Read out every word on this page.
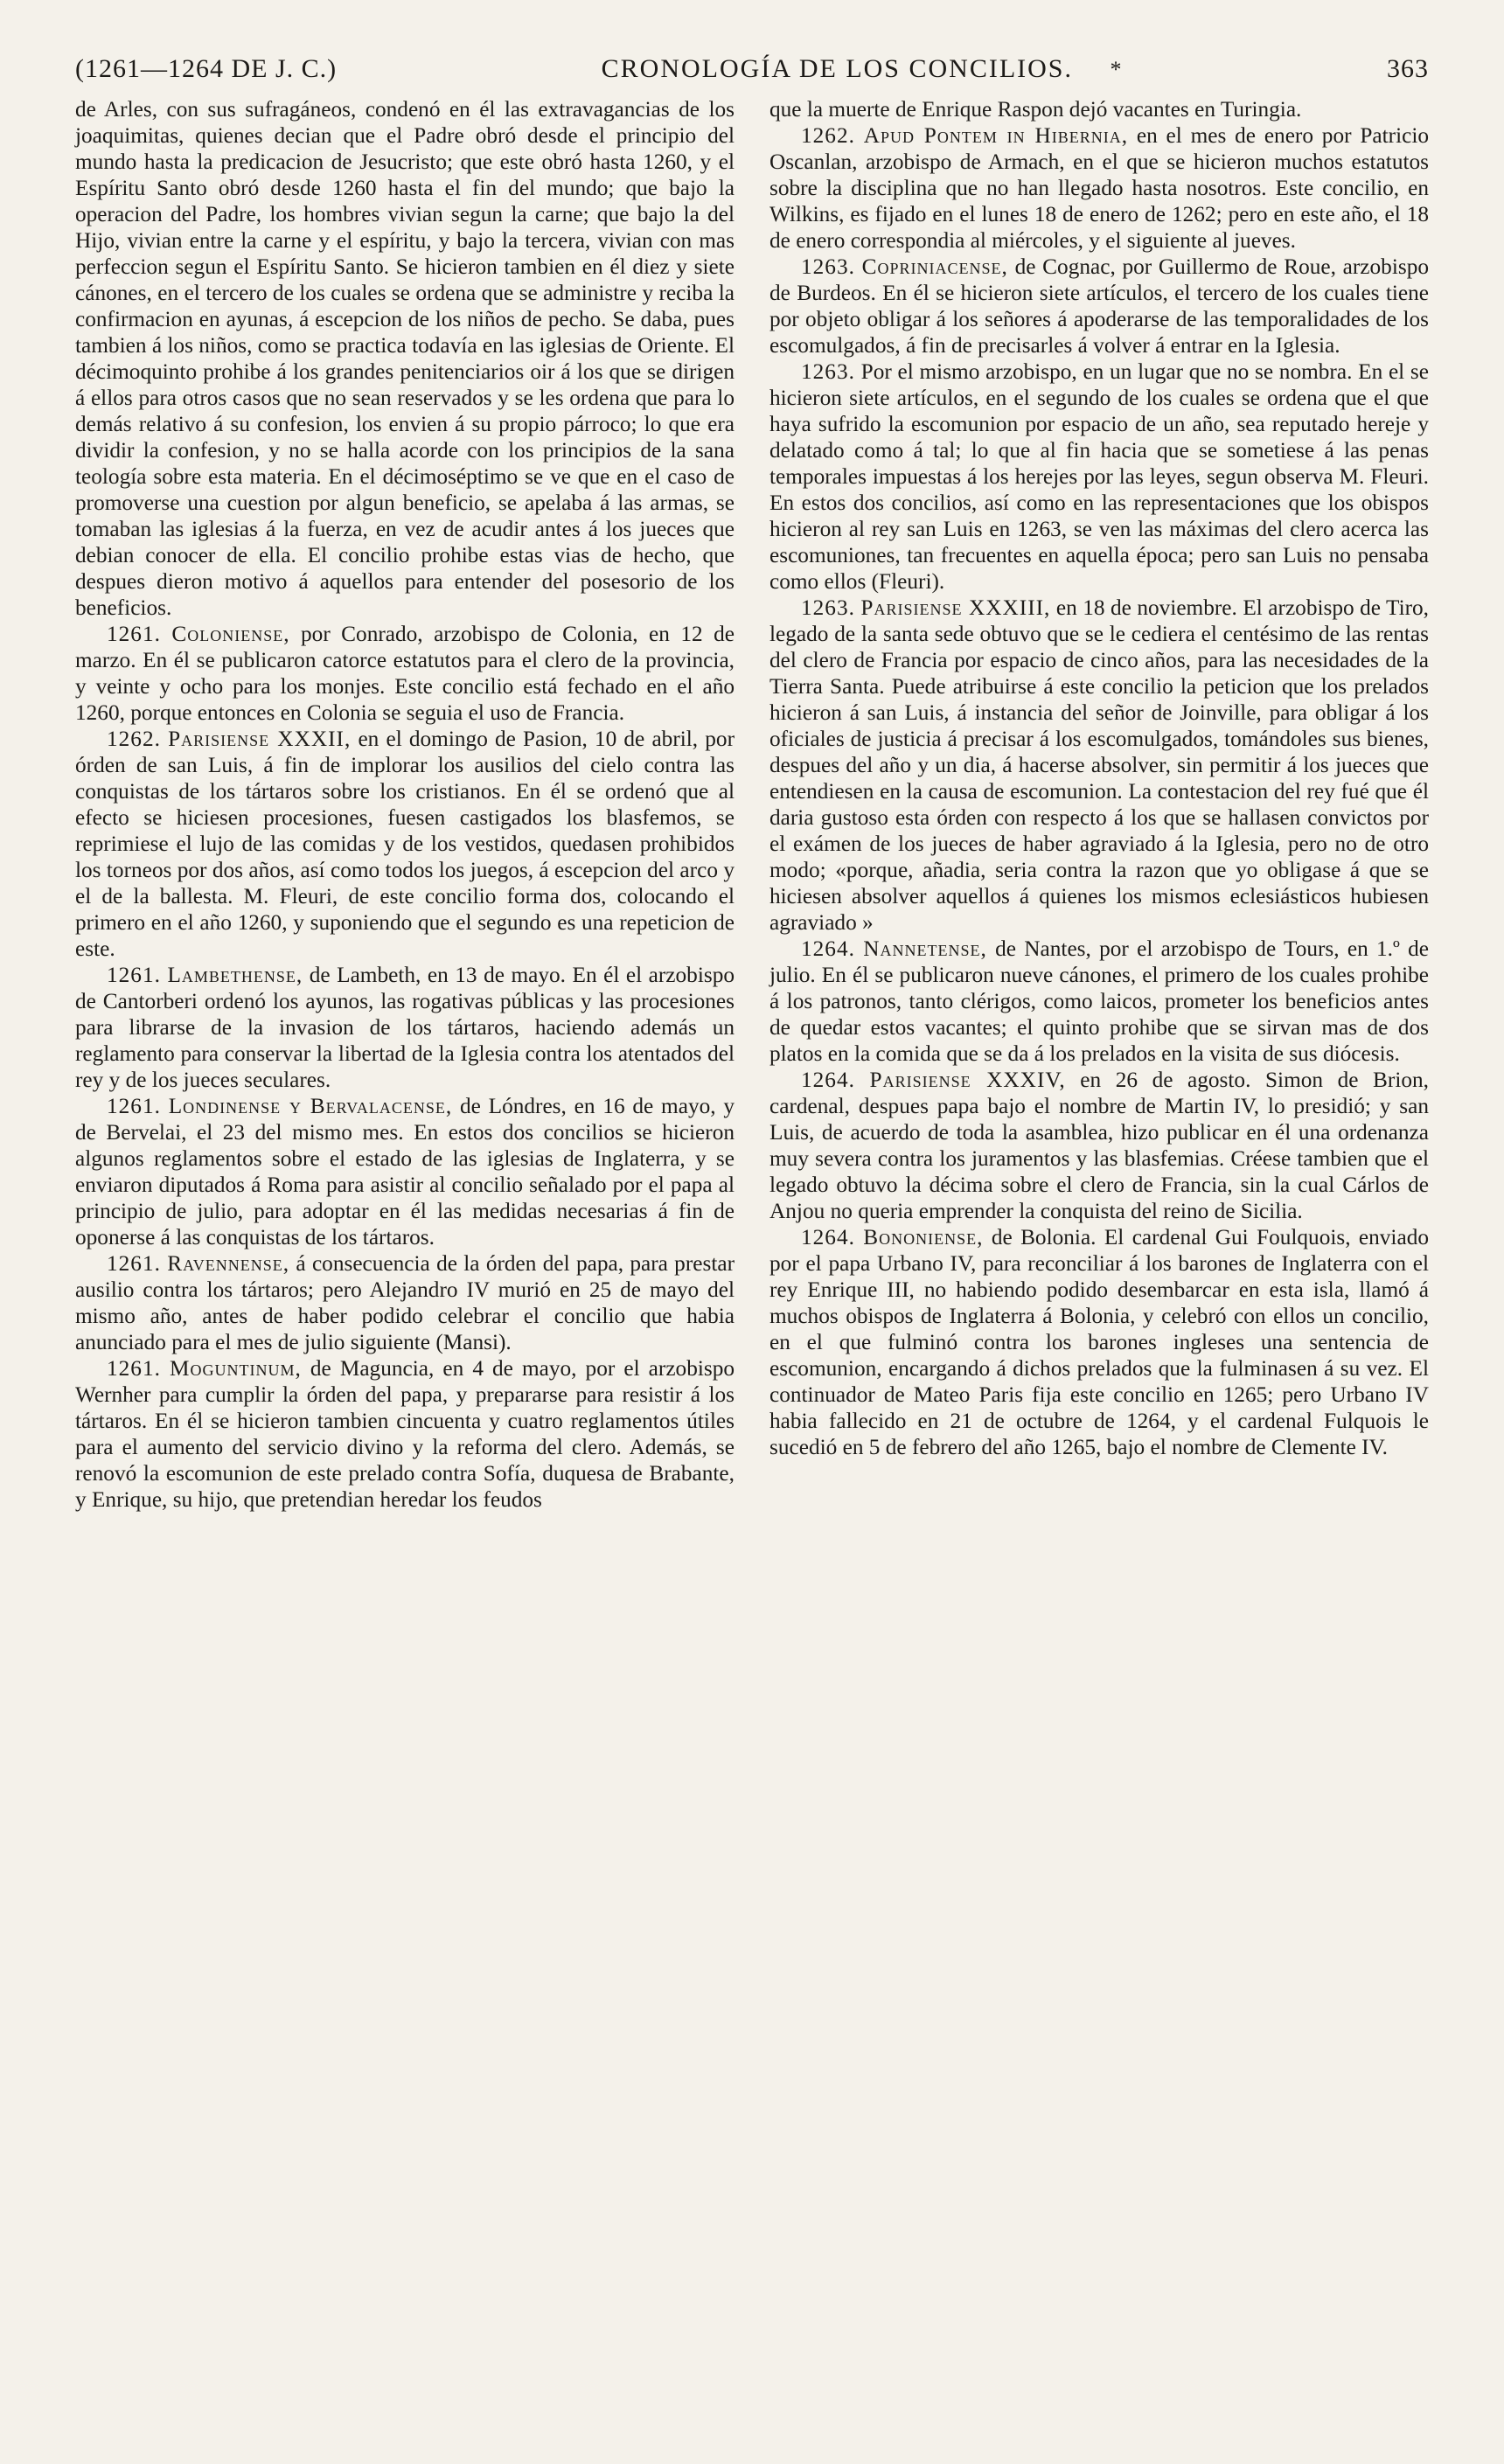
(1261—1264 DE J. C.)	CRONOLOGÍA DE LOS CONCILIOS. *	363

de Arles, con sus sufragáneos, condenó en él las extravagancias de los joaquimitas, quienes decian que el Padre obró desde el principio del mundo hasta la predicacion de Jesucristo; que este obró hasta 1260, y el Espíritu Santo obró desde 1260 hasta el fin del mundo; que bajo la operacion del Padre, los hombres vivian segun la carne; que bajo la del Hijo, vivian entre la carne y el espíritu, y bajo la tercera, vivian con mas perfeccion segun el Espíritu Santo. Se hicieron tambien en él diez y siete cánones, en el tercero de los cuales se ordena que se administre y reciba la confirmacion en ayunas, á escepcion de los niños de pecho. Se daba, pues tambien á los niños, como se practica todavía en las iglesias de Oriente. El décimoquinto prohibe á los grandes penitenciarios oir á los que se dirigen á ellos para otros casos que no sean reservados y se les ordena que para lo demás relativo á su confesion, los envien á su propio párroco; lo que era dividir la confesion, y no se halla acorde con los principios de la sana teología sobre esta materia. En el décimoséptimo se ve que en el caso de promoverse una cuestion por algun beneficio, se apelaba á las armas, se tomaban las iglesias á la fuerza, en vez de acudir antes á los jueces que debian conocer de ella. El concilio prohibe estas vias de hecho, que despues dieron motivo á aquellos para entender del posesorio de los beneficios.

1261. Coloniense, por Conrado, arzobispo de Colonia, en 12 de marzo. En él se publicaron catorce estatutos para el clero de la provincia, y veinte y ocho para los monjes. Este concilio está fechado en el año 1260, porque entonces en Colonia se seguia el uso de Francia.

1262. Parisiense XXXII, en el domingo de Pasion, 10 de abril, por órden de san Luis, á fin de implorar los ausilios del cielo contra las conquistas de los tártaros sobre los cristianos. En él se ordenó que al efecto se hiciesen procesiones, fuesen castigados los blasfemos, se reprimiese el lujo de las comidas y de los vestidos, quedasen prohibidos los torneos por dos años, así como todos los juegos, á escepcion del arco y el de la ballesta. M. Fleuri, de este concilio forma dos, colocando el primero en el año 1260, y suponiendo que el segundo es una repeticion de este.

1261. Lambethense, de Lambeth, en 13 de mayo. En él el arzobispo de Cantorberi ordenó los ayunos, las rogativas públicas y las procesiones para librarse de la invasion de los tártaros, haciendo además un reglamento para conservar la libertad de la Iglesia contra los atentados del rey y de los jueces seculares.

1261. Londinense y Bervalacense, de Lóndres, en 16 de mayo, y de Bervelai, el 23 del mismo mes. En estos dos concilios se hicieron algunos reglamentos sobre el estado de las iglesias de Inglaterra, y se enviaron diputados á Roma para asistir al concilio señalado por el papa al principio de julio, para adoptar en él las medidas necesarias á fin de oponerse á las conquistas de los tártaros.

1261. Ravennense, á consecuencia de la órden del papa, para prestar ausilio contra los tártaros; pero Alejandro IV murió en 25 de mayo del mismo año, antes de haber podido celebrar el concilio que habia anunciado para el mes de julio siguiente (Mansi).

1261. Moguntinum, de Maguncia, en 4 de mayo, por el arzobispo Wernher para cumplir la órden del papa, y prepararse para resistir á los tártaros. En él se hicieron tambien cincuenta y cuatro reglamentos útiles para el aumento del servicio divino y la reforma del clero. Además, se renovó la escomunion de este prelado contra Sofía, duquesa de Brabante, y Enrique, su hijo, que pretendian heredar los feudos

que la muerte de Enrique Raspon dejó vacantes en Turingia.

1262. Apud Pontem in Hibernia, en el mes de enero por Patricio Oscanlan, arzobispo de Armach, en el que se hicieron muchos estatutos sobre la disciplina que no han llegado hasta nosotros. Este concilio, en Wilkins, es fijado en el lunes 18 de enero de 1262; pero en este año, el 18 de enero correspondia al miércoles, y el siguiente al jueves.

1263. Copriniacense, de Cognac, por Guillermo de Roue, arzobispo de Burdeos. En él se hicieron siete artículos, el tercero de los cuales tiene por objeto obligar á los señores á apoderarse de las temporalidades de los escomulgados, á fin de precisarles á volver á entrar en la Iglesia.

1263. Por el mismo arzobispo, en un lugar que no se nombra. En el se hicieron siete artículos, en el segundo de los cuales se ordena que el que haya sufrido la escomunion por espacio de un año, sea reputado hereje y delatado como á tal; lo que al fin hacia que se sometiese á las penas temporales impuestas á los herejes por las leyes, segun observa M. Fleuri. En estos dos concilios, así como en las representaciones que los obispos hicieron al rey san Luis en 1263, se ven las máximas del clero acerca las escomuniones, tan frecuentes en aquella época; pero san Luis no pensaba como ellos (Fleuri).

1263. Parisiense XXXIII, en 18 de noviembre. El arzobispo de Tiro, legado de la santa sede obtuvo que se le cediera el centésimo de las rentas del clero de Francia por espacio de cinco años, para las necesidades de la Tierra Santa. Puede atribuirse á este concilio la peticion que los prelados hicieron á san Luis, á instancia del señor de Joinville, para obligar á los oficiales de justicia á precisar á los escomulgados, tomándoles sus bienes, despues del año y un dia, á hacerse absolver, sin permitir á los jueces que entendiesen en la causa de escomunion. La contestacion del rey fué que él daria gustoso esta órden con respecto á los que se hallasen convictos por el exámen de los jueces de haber agraviado á la Iglesia, pero no de otro modo; «porque, añadia, seria contra la razon que yo obligase á que se hiciesen absolver aquellos á quienes los mismos eclesiásticos hubiesen agraviado »

1264. Nannetense, de Nantes, por el arzobispo de Tours, en 1.º de julio. En él se publicaron nueve cánones, el primero de los cuales prohibe á los patronos, tanto clérigos, como laicos, prometer los beneficios antes de quedar estos vacantes; el quinto prohibe que se sirvan mas de dos platos en la comida que se da á los prelados en la visita de sus diócesis.

1264. Parisiense XXXIV, en 26 de agosto. Simon de Brion, cardenal, despues papa bajo el nombre de Martin IV, lo presidió; y san Luis, de acuerdo de toda la asamblea, hizo publicar en él una ordenanza muy severa contra los juramentos y las blasfemias. Créese tambien que el legado obtuvo la décima sobre el clero de Francia, sin la cual Cárlos de Anjou no queria emprender la conquista del reino de Sicilia.

1264. Bononiense, de Bolonia. El cardenal Gui Foulquois, enviado por el papa Urbano IV, para reconciliar á los barones de Inglaterra con el rey Enrique III, no habiendo podido desembarcar en esta isla, llamó á muchos obispos de Inglaterra á Bolonia, y celebró con ellos un concilio, en el que fulminó contra los barones ingleses una sentencia de escomunion, encargando á dichos prelados que la fulminasen á su vez. El continuador de Mateo Paris fija este concilio en 1265; pero Urbano IV habia fallecido en 21 de octubre de 1264, y el cardenal Fulquois le sucedió en 5 de febrero del año 1265, bajo el nombre de Clemente IV.
